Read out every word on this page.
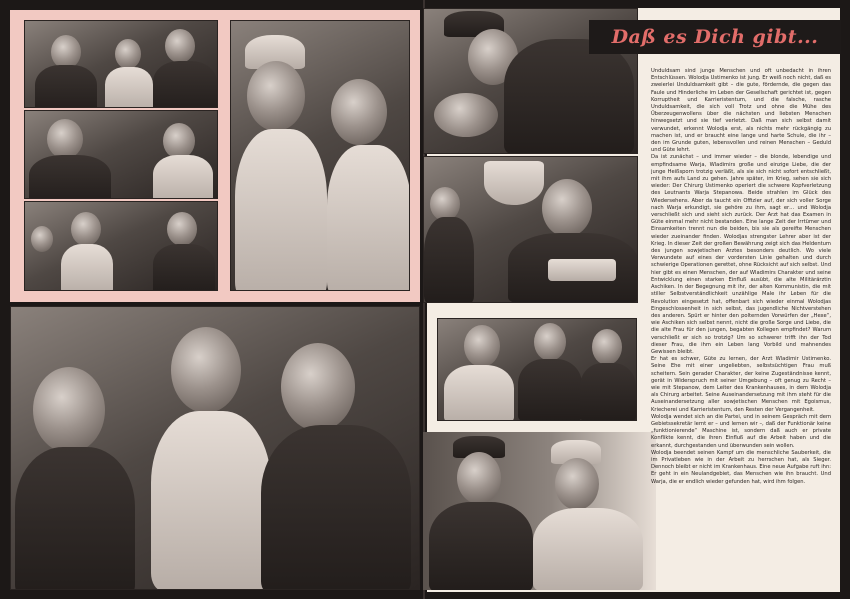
Daß es Dich gibt...

Unduldsam sind junge Menschen und oft unbedacht in ihren Entschlüssen. Wolodja Ustimenko ist jung. Er weiß noch nicht, daß es zweierlei Unduldsamkeit gibt – die gute, fördernde, die gegen das Faule und Hinderliche im Leben der Gesellschaft gerichtet ist, gegen Korruptheit und Karrieristentum, und die falsche, rasche Unduldsamkeit, die sich voll Trotz und ohne die Mühe des Überzeugenwollens über die nächsten und liebsten Menschen hinwegsetzt und sie tief verletzt. Daß man sich selbst damit verwundet, erkennt Wolodja erst, als nichts mehr rückgängig zu machen ist, und er braucht eine lange und harte Schule, die ihr – den im Grunde guten, lebensvollen und reinen Menschen – Geduld und Güte lehrt.

Da ist zunächst – und immer wieder – die blonde, lebendige und empfindsame Warja, Wladimirs große und einzige Liebe, die der junge Heißsporn trotzig verläßt, als sie sich nicht sofort entschließt, mit ihm aufs Land zu gehen. Jahre später, im Krieg, sehen sie sich wieder: Der Chirurg Ustimenko operiert die schwere Kopfverletzung des Leutnants Warja Stepanowa. Beide strahlen im Glück des Wiedersehens. Aber da taucht ein Offizier auf, der sich voller Sorge nach Warja erkundigt, sie gehöre zu ihm, sagt er… und Wolodja verschließt sich und sieht sich zurück. Der Arzt hat das Examen in Güte einmal mehr nicht bestanden. Eine lange Zeit der Irrtümer und Einsamkeiten trennt nun die beiden, bis sie als gereifte Menschen wieder zueinander finden. Wolodjas strengster Lehrer aber ist der Krieg. In dieser Zeit der großen Bewährung zeigt sich das Heldentum des jungen sowjetischen Arztes besonders deutlich. Wo viele Verwundete auf eines der vordersten Linie gehalten und durch schwierige Operationen gerettet, ohne Rücksicht auf sich selbst. Und hier gibt es einen Menschen, der auf Wladimirs Charakter und seine Entwicklung einen starken Einfluß ausübt, die alte Militärärztin Aschiken. In der Begegnung mit ihr, der alten Kommunistin, die mit stiller Selbstverständlichkeit unzählige Male ihr Leben für die Revolution eingesetzt hat, offenbart sich wieder einmal Wolodjas Eingeschlossenheit in sich selbst, das jugendliche Nichtverstehen des anderen. Spürt er hinter den polternden Vorwürfen der „Hexe“, wie Aschiken sich selbst nennt, nicht die große Sorge und Liebe, die die alte Frau für den jungen, begabten Kollegen empfindet? Warum verschließt er sich so trotzig? Um so schwerer trifft ihn der Tod dieser Frau, die ihm ein Leben lang Vorbild und mahnendes Gewissen bleibt.

Er hat es schwer, Güte zu lernen, der Arzt Wladimir Ustimenko. Seine Ehe mit einer ungeliebten, selbstsüchtigen Frau muß scheitern. Sein gerader Charakter, der keine Zugeständnisse kennt, gerät in Widerspruch mit seiner Umgebung – oft genug zu Recht – wie mit Stepanow, dem Leiter des Krankenhauses, in dem Wolodja als Chirurg arbeitet. Seine Auseinandersetzung mit ihm steht für die Auseinandersetzung aller sowjetischen Menschen mit Egoismus, Kriecherei und Karrieristentum, den Resten der Vergangenheit.

Wolodja wendet sich an die Partei, und in seinem Gespräch mit dem Gebietssekretär lernt er – und lernen wir –, daß der Funktionär keine „funktionierende“ Maschine ist, sondern daß auch er private Konflikte kennt, die ihren Einfluß auf die Arbeit haben und die erkannt, durchgestanden und überwunden sein wollen.

Wolodja beendet seinen Kampf um die menschliche Sauberkeit, die im Privatleben wie in der Arbeit zu herrschen hat, als Sieger. Dennoch bleibt er nicht im Krankenhaus. Eine neue Aufgabe ruft ihn: Er geht in ein Neulandgebiet, das Menschen wie ihn braucht. Und Warja, die er endlich wieder gefunden hat, wird ihm folgen.
